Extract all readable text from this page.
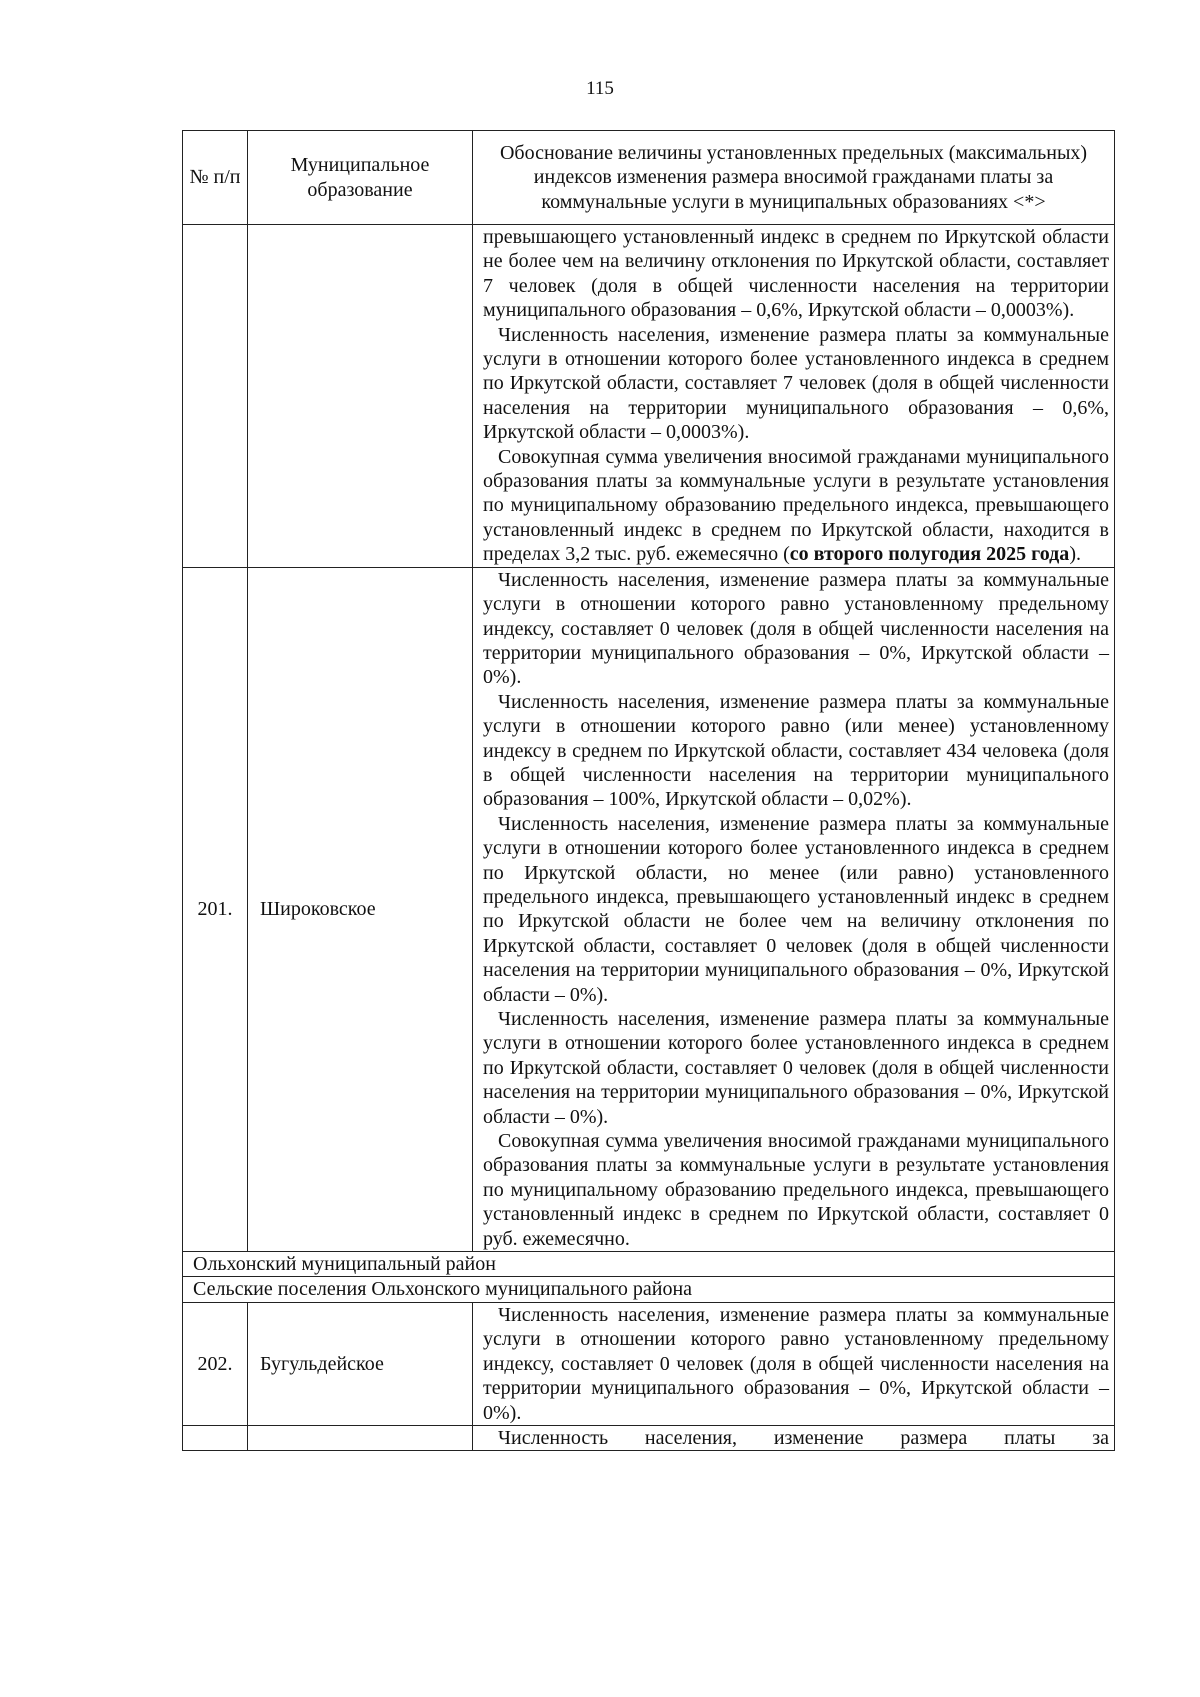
115
№ п/п	Муниципальное образование	Обоснование величины установленных предельных (максимальных) индексов изменения размера вносимой гражданами платы за коммунальные услуги в муниципальных образованиях <*>

		превышающего установленный индекс в среднем по Иркутской области не более чем на величину отклонения по Иркутской области, составляет 7 человек (доля в общей численности населения на территории муниципального образования – 0,6%, Иркутской области – 0,0003%).

Численность населения, изменение размера платы за коммунальные услуги в отношении которого более установленного индекса в среднем по Иркутской области, составляет 7 человек (доля в общей численности населения на территории муниципального образования – 0,6%, Иркутской области – 0,0003%).

Совокупная сумма увеличения вносимой гражданами муниципального образования платы за коммунальные услуги в результате установления по муниципальному образованию предельного индекса, превышающего установленный индекс в среднем по Иркутской области, находится в пределах 3,2 тыс. руб. ежемесячно (со второго полугодия 2025 года).

201.	Широковское	Численность населения, изменение размера платы за коммунальные услуги в отношении которого равно установленному предельному индексу, составляет 0 человек (доля в общей численности населения на территории муниципального образования – 0%, Иркутской области – 0%).

Численность населения, изменение размера платы за коммунальные услуги в отношении которого равно (или менее) установленному индексу в среднем по Иркутской области, составляет 434 человека (доля в общей численности населения на территории муниципального образования – 100%, Иркутской области – 0,02%).

Численность населения, изменение размера платы за коммунальные услуги в отношении которого более установленного индекса в среднем по Иркутской области, но менее (или равно) установленного предельного индекса, превышающего установленный индекс в среднем по Иркутской области не более чем на величину отклонения по Иркутской области, составляет 0 человек (доля в общей численности населения на территории муниципального образования – 0%, Иркутской области – 0%).

Численность населения, изменение размера платы за коммунальные услуги в отношении которого более установленного индекса в среднем по Иркутской области, составляет 0 человек (доля в общей численности населения на территории муниципального образования – 0%, Иркутской области – 0%).

Совокупная сумма увеличения вносимой гражданами муниципального образования платы за коммунальные услуги в результате установления по муниципальному образованию предельного индекса, превышающего установленный индекс в среднем по Иркутской области, составляет 0 руб. ежемесячно.

Ольхонский муниципальный район		
Сельские поселения Ольхонского муниципального района		
202.	Бугульдейское	Численность населения, изменение размера платы за коммунальные услуги в отношении которого равно установленному предельному индексу, составляет 0 человек (доля в общей численности населения на территории муниципального образования – 0%, Иркутской области – 0%).

		Численность населения, изменение размера платы за
